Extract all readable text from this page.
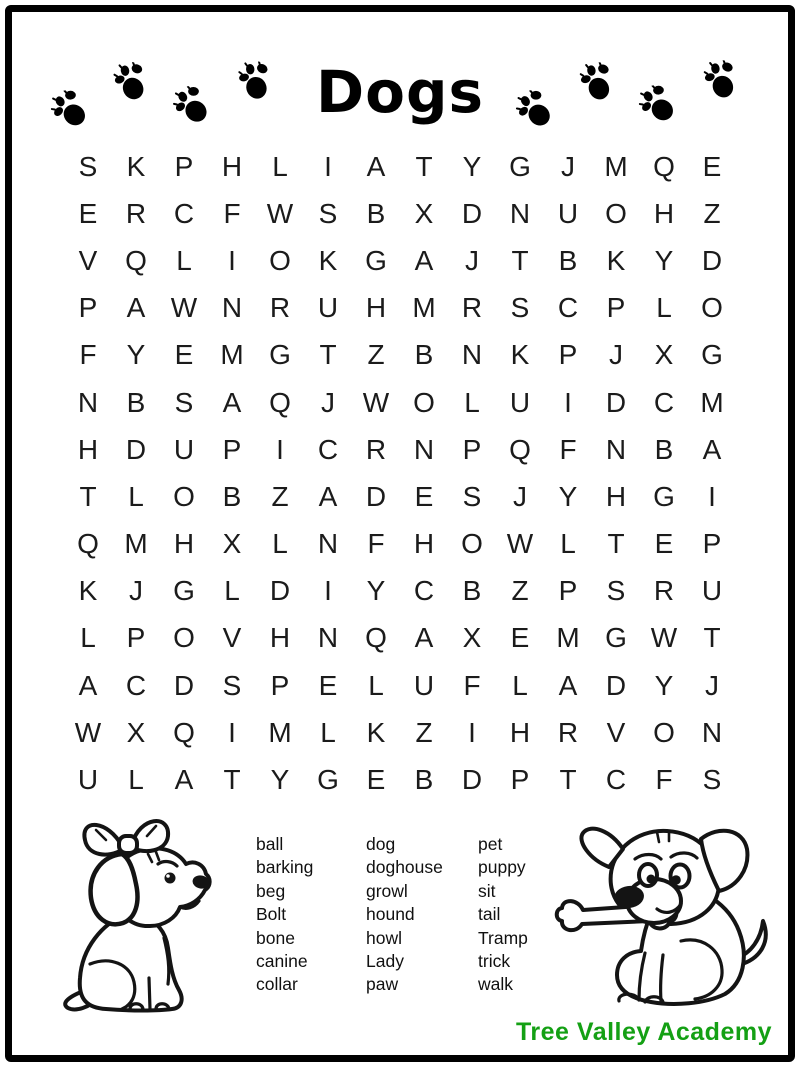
Dogs
S	K	P	H	L	I	A	T	Y G	J	M Q E
E	R C	F W S	B	X	D N U O H	Z
V Q	L	I	O K G A	J	T	B	K	Y	D
P	A W N R U H M R	S	C	P	L	O
F	Y	E M G	T	Z	B	N	K	P	J	X G
N	B	S	A Q	J W O	L	U	I	D C M
H D U	P	I	C R N	P Q	F	N	B	A
T	L	O B	Z	A	D	E	S	J	Y	H G	I
Q M H	X	L	N	F	H O W L	T	E	P
K	J	G	L	D	I	Y	C	B	Z	P	S	R U
L	P O V	H N Q A	X	E M G W T
A	C D	S	P	E	L	U	F	L	A	D	Y	J
W X Q	I	M	L	K	Z	I	H R	V O N
U	L	A	T	Y G E	B	D	P	T	C	F	S
ball
barking
beg
Bolt
bone
canine
collar
dog
doghouse
growl
hound
howl
Lady
paw
pet
puppy
sit
tail
Tramp
trick
walk
Tree Valley Academy
